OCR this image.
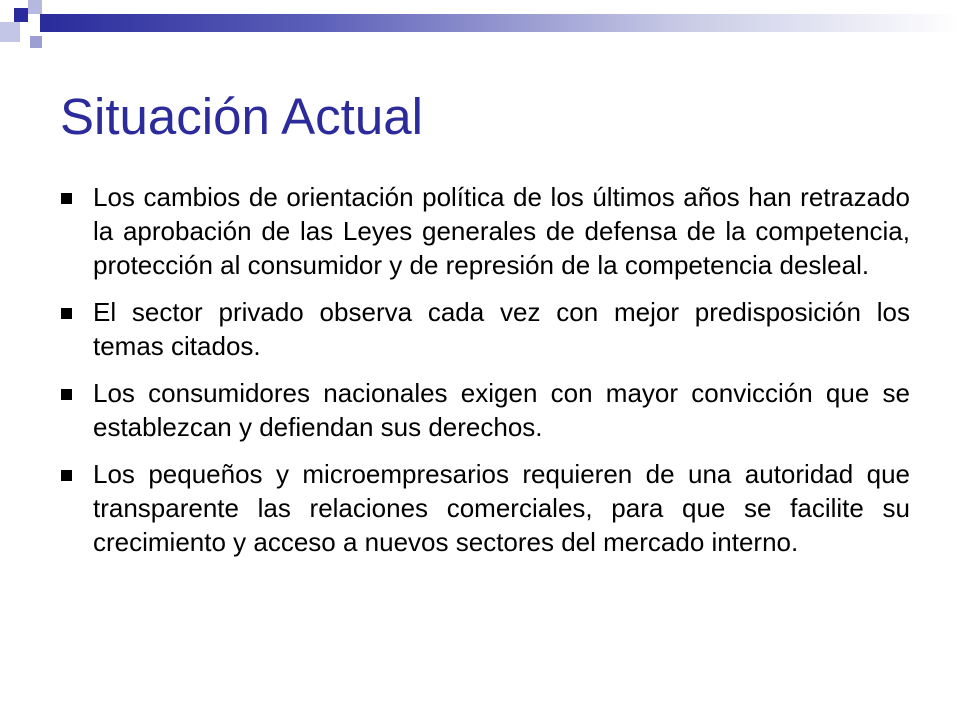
Situación Actual
Los cambios de orientación política de los últimos años han retrazado la aprobación de las Leyes generales de defensa de la competencia, protección al consumidor y de represión de la competencia desleal.
El sector privado observa cada vez con mejor predisposición los temas citados.
Los consumidores nacionales exigen con mayor convicción que se establezcan y defiendan sus derechos.
Los pequeños y microempresarios requieren de una autoridad que transparente las relaciones comerciales, para que se facilite su crecimiento y acceso a nuevos sectores del mercado interno.
